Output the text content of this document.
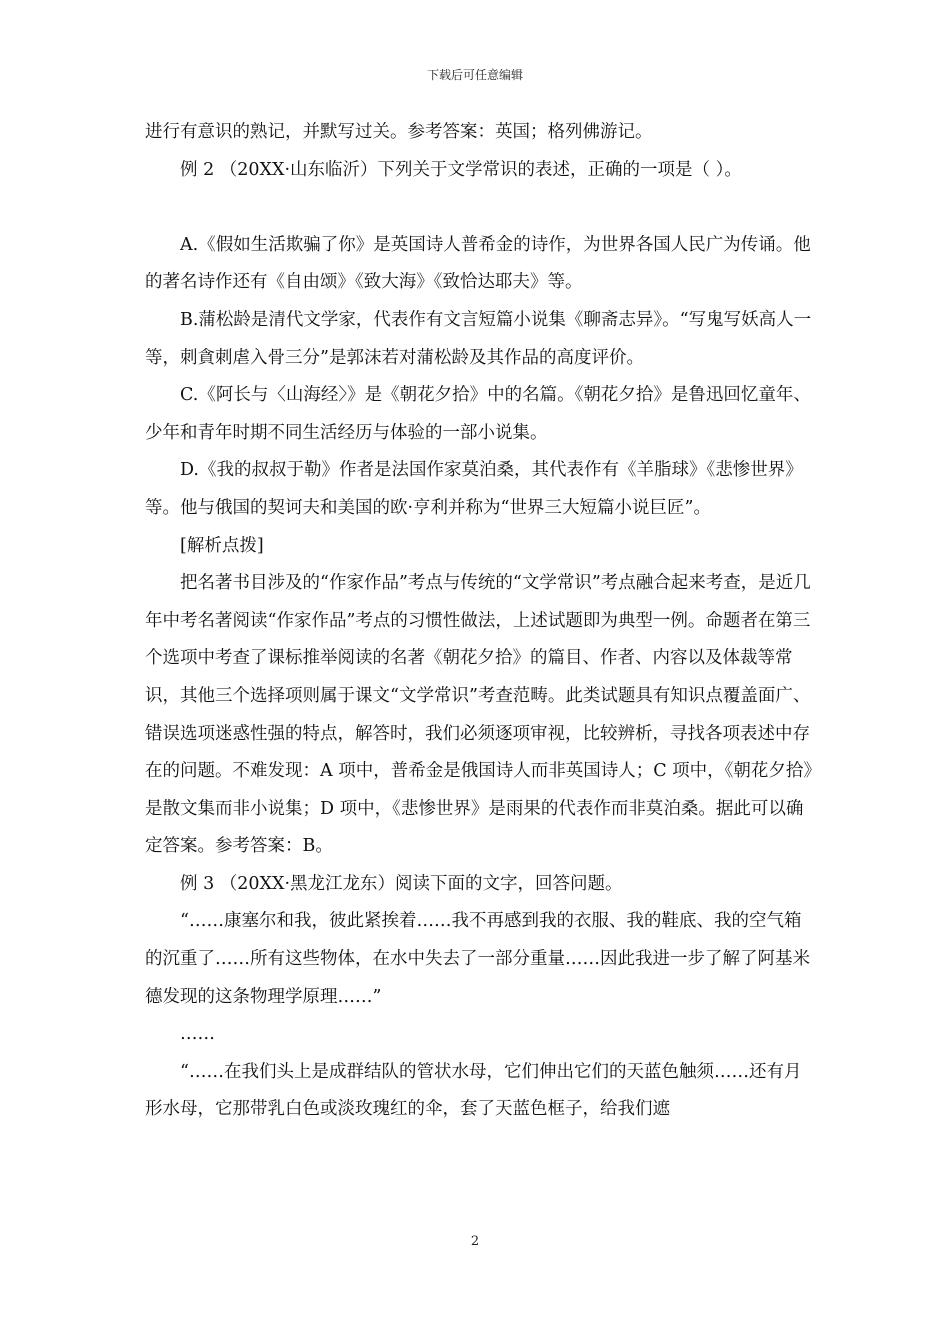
下载后可任意编辑

进行有意识的熟记，并默写过关。参考答案：英国；格列佛游记。

例 2 （20XX·山东临沂）下列关于文学常识的表述，正确的一项是（ ）。

A.《假如生活欺骗了你》是英国诗人普希金的诗作，为世界各国人民广为传诵。他的著名诗作还有《自由颂》《致大海》《致恰达耶夫》等。

B.蒲松龄是清代文学家，代表作有文言短篇小说集《聊斋志异》。“写鬼写妖高人一等，刺貪刺虐入骨三分”是郭沫若对蒲松龄及其作品的高度评价。

C.《阿长与〈山海经〉》是《朝花夕拾》中的名篇。《朝花夕拾》是鲁迅回忆童年、少年和青年时期不同生活经历与体验的一部小说集。

D.《我的叔叔于勒》作者是法国作家莫泊桑，其代表作有《羊脂球》《悲惨世界》等。他与俄国的契诃夫和美国的欧·亨利并称为“世界三大短篇小说巨匠”。

[解析点拨]

把名著书目涉及的“作家作品”考点与传统的“文学常识”考点融合起来考查，是近几年中考名著阅读“作家作品”考点的习惯性做法，上述试题即为典型一例。命题者在第三个选项中考查了课标推举阅读的名著《朝花夕拾》的篇目、作者、内容以及体裁等常识，其他三个选择项则属于课文“文学常识”考查范畴。此类试题具有知识点覆盖面广、错误选项迷惑性强的特点，解答时，我们必须逐项审视，比较辨析，寻找各项表述中存在的问题。不难发现：A 项中，普希金是俄国诗人而非英国诗人；C 项中，《朝花夕拾》是散文集而非小说集；D 项中，《悲惨世界》是雨果的代表作而非莫泊桑。据此可以确定答案。参考答案：B。

例 3 （20XX·黑龙江龙东）阅读下面的文字，回答问题。

“……康塞尔和我，彼此紧挨着……我不再感到我的衣服、我的鞋底、我的空气箱的沉重了……所有这些物体，在水中失去了一部分重量……因此我进一步了解了阿基米德发现的这条物理学原理……”

……

“……在我们头上是成群结队的管状水母，它们伸出它们的天蓝色触须……还有月形水母，它那带乳白色或淡玫瑰红的伞，套了天蓝色框子，给我们遮

2
